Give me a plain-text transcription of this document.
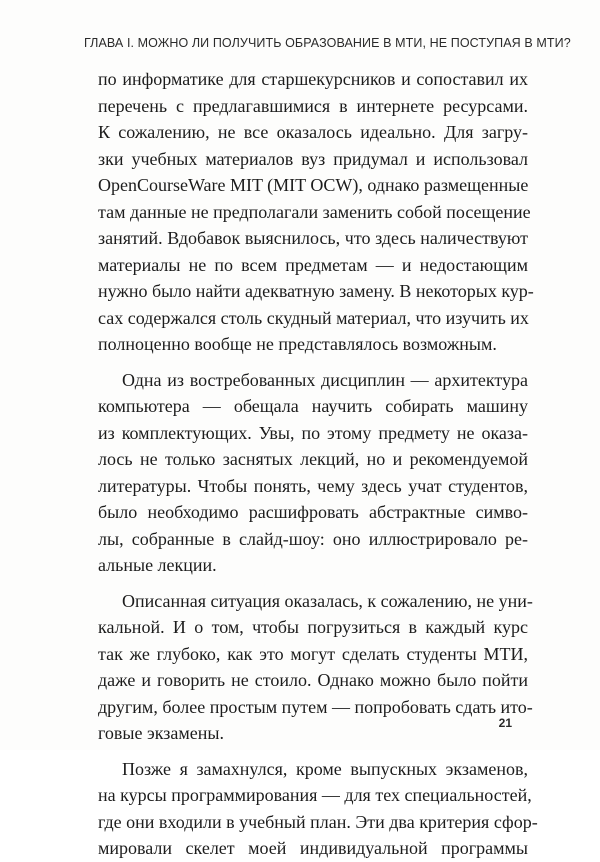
ГЛАВА I. МОЖНО ЛИ ПОЛУЧИТЬ ОБРАЗОВАНИЕ В МТИ, НЕ ПОСТУПАЯ В МТИ?
по информатике для старшекурсников и сопоставил их
перечень с предлагавшимися в интернете ресурсами.
К сожалению, не все оказалось идеально. Для загру-
зки учебных материалов вуз придумал и использовал
OpenCourseWare MIT (MIT OCW), однако размещенные
там данные не предполагали заменить собой посещение
занятий. Вдобавок выяснилось, что здесь наличествуют
материалы не по всем предметам — и недостающим
нужно было найти адекватную замену. В некоторых кур-
сах содержался столь скудный материал, что изучить их
полноценно вообще не представлялось возможным.
Одна из востребованных дисциплин — архитектура
компьютера — обещала научить собирать машину
из комплектующих. Увы, по этому предмету не оказа-
лось не только заснятых лекций, но и рекомендуемой
литературы. Чтобы понять, чему здесь учат студентов,
было необходимо расшифровать абстрактные симво-
лы, собранные в слайд-шоу: оно иллюстрировало ре-
альные лекции.
Описанная ситуация оказалась, к сожалению, не уни-
кальной. И о том, чтобы погрузиться в каждый курс
так же глубоко, как это могут сделать студенты МТИ,
даже и говорить не стоило. Однако можно было пойти
другим, более простым путем — попробовать сдать ито-
говые экзамены.
Позже я замахнулся, кроме выпускных экзаменов,
на курсы программирования — для тех специальностей,
где они входили в учебный план. Эти два критерия сфор-
мировали скелет моей индивидуальной программы
21
